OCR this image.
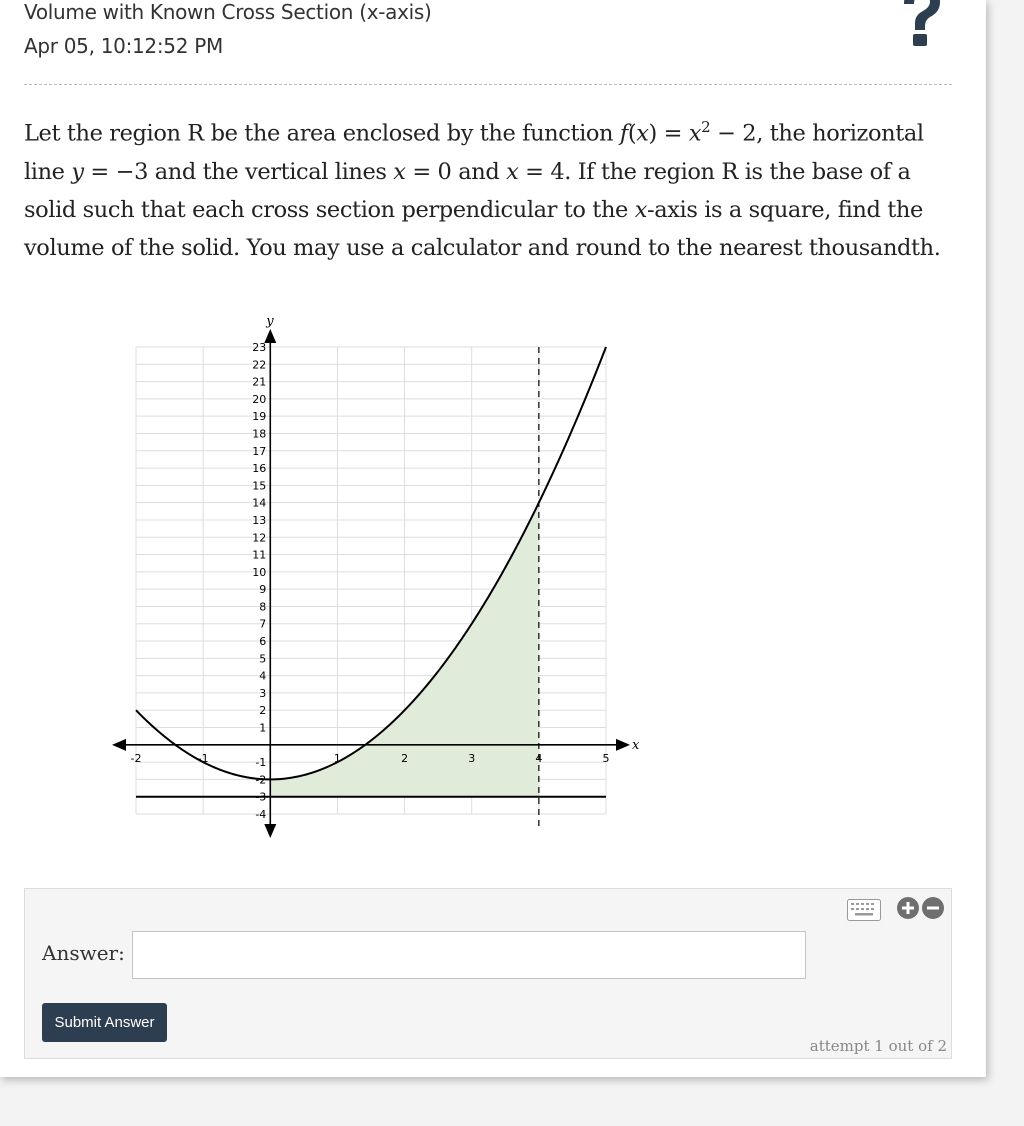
Volume with Known Cross Section (x-axis)
Apr 05, 10:12:52 PM
Let the region R be the area enclosed by the function $f(x) = x^2 - 2$, the horizontal line y = −3 and the vertical lines x = 0 and x = 4. If the region R is the base of a solid such that each cross section perpendicular to the x-axis is a square, find the volume of the solid. You may use a calculator and round to the nearest thousandth.
-2	-1	1	2	3	4	5
-4
-3
-2
-1
1
2
3
4
5
6
7
8
9
10
11
12
13
14
15
16
17
18
19
20
21
22
23
x
y
Answer:
Submit Answer
attempt 1 out of 2
